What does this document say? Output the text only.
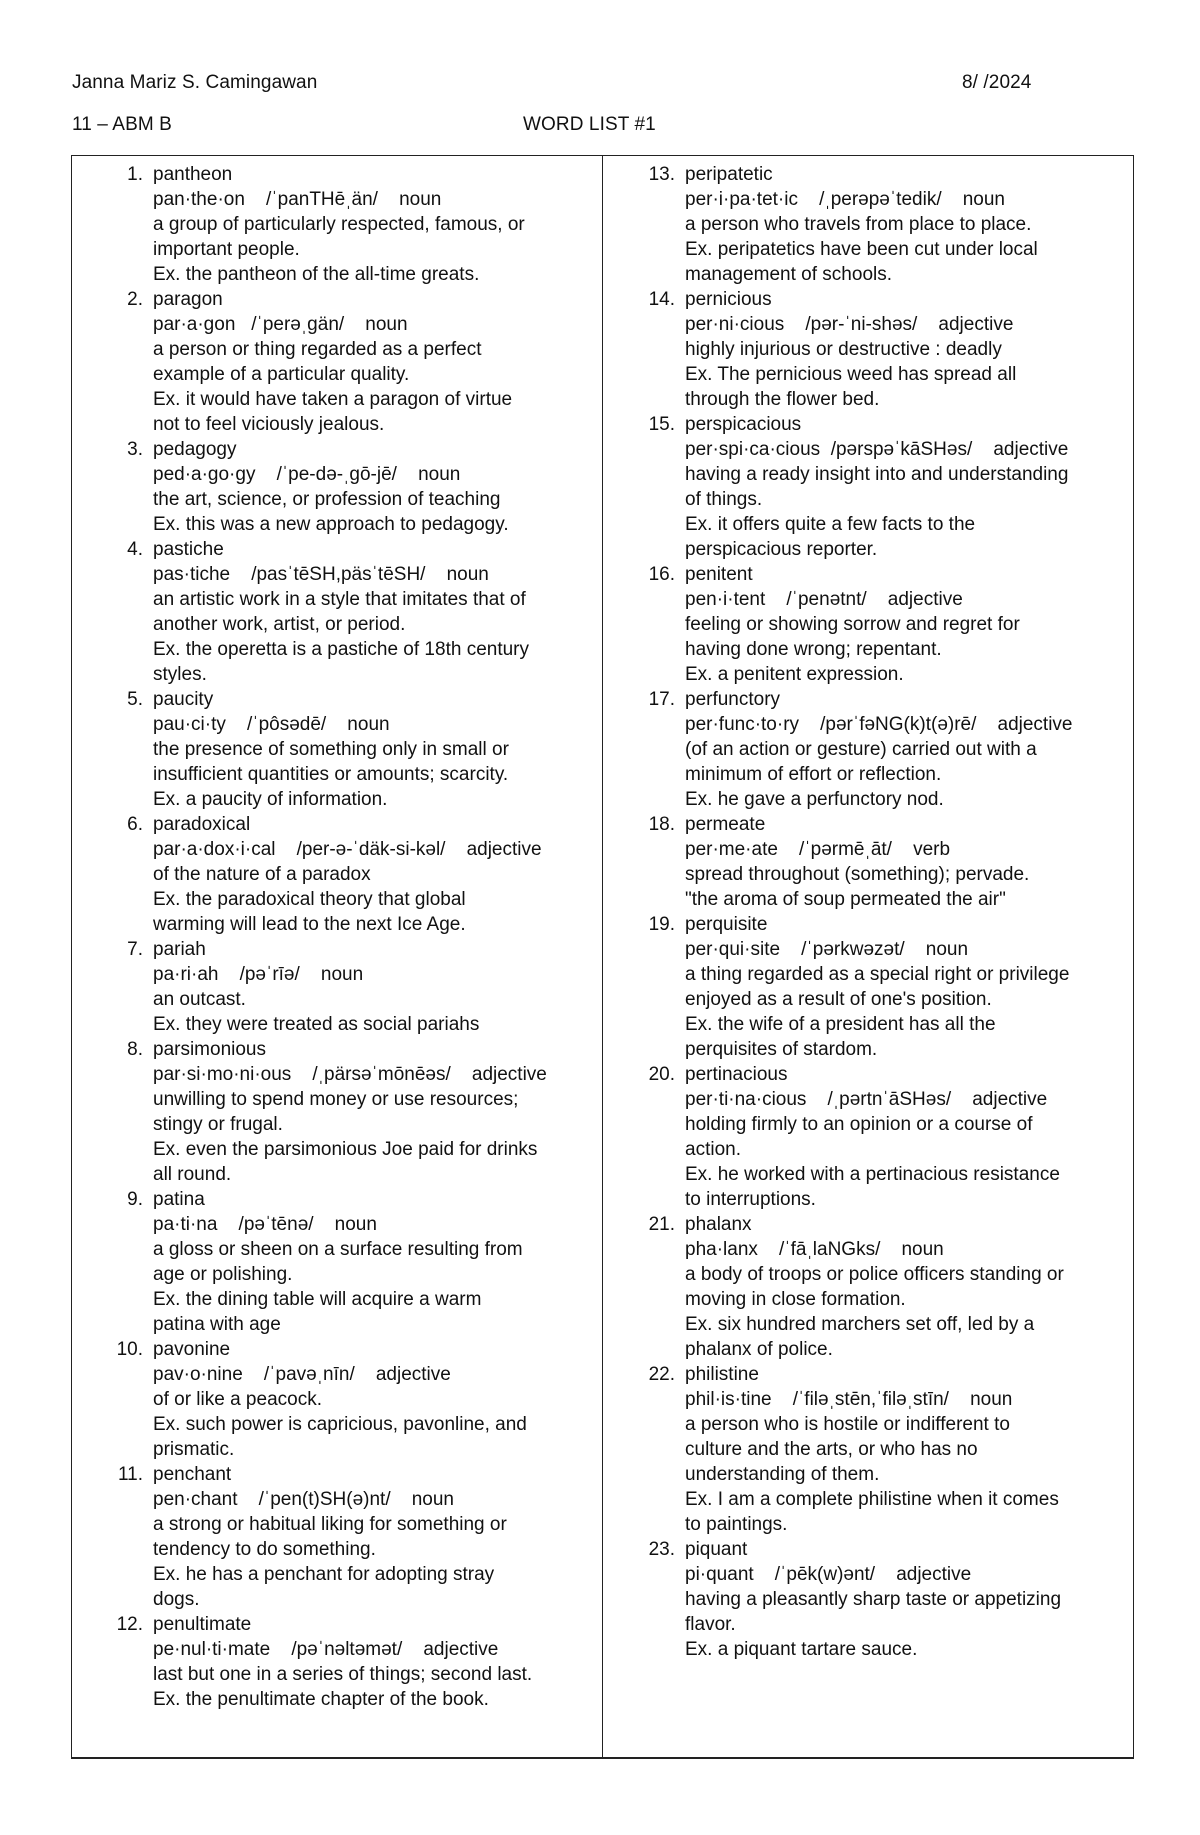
Janna Mariz S. Camingawan	8/ /2024
11 – ABM B	WORD LIST #1
1. pantheon
pan·the·on    /ˈpanTHēˌän/    noun
a group of particularly respected, famous, or
important people.
Ex. the pantheon of the all-time greats.
2. paragon
par·a·gon   /ˈperəˌgän/    noun
a person or thing regarded as a perfect
example of a particular quality.
Ex. it would have taken a paragon of virtue
not to feel viciously jealous.
3. pedagogy
ped·a·go·gy    /ˈpe-də-ˌgō-jē/    noun
the art, science, or profession of teaching
Ex. this was a new approach to pedagogy.
4. pastiche
pas·tiche    /pasˈtēSH,päsˈtēSH/    noun
an artistic work in a style that imitates that of
another work, artist, or period.
Ex. the operetta is a pastiche of 18th century
styles.
5. paucity
pau·ci·ty    /ˈpôsədē/    noun
the presence of something only in small or
insufficient quantities or amounts; scarcity.
Ex. a paucity of information.
6. paradoxical
par·a·dox·i·cal    /per-ə-ˈdäk-si-kəl/    adjective
of the nature of a paradox
Ex. the paradoxical theory that global
warming will lead to the next Ice Age.
7. pariah
pa·ri·ah    /pəˈrīə/    noun
an outcast.
Ex. they were treated as social pariahs
8. parsimonious
par·si·mo·ni·ous    /ˌpärsəˈmōnēəs/    adjective
unwilling to spend money or use resources;
stingy or frugal.
Ex. even the parsimonious Joe paid for drinks
all round.
9. patina
pa·ti·na    /pəˈtēnə/    noun
a gloss or sheen on a surface resulting from
age or polishing.
Ex. the dining table will acquire a warm
patina with age
10. pavonine
pav·o·nine    /ˈpavəˌnīn/    adjective
of or like a peacock.
Ex. such power is capricious, pavonline, and
prismatic.
11. penchant
pen·chant    /ˈpen(t)SH(ə)nt/    noun
a strong or habitual liking for something or
tendency to do something.
Ex. he has a penchant for adopting stray
dogs.
12. penultimate
pe·nul·ti·mate    /pəˈnəltəmət/    adjective
last but one in a series of things; second last.
Ex. the penultimate chapter of the book.
13. peripatetic
per·i·pa·tet·ic    /ˌperəpəˈtedik/    noun
a person who travels from place to place.
Ex. peripatetics have been cut under local
management of schools.
14. pernicious
per·ni·cious    /pər-ˈni-shəs/    adjective
highly injurious or destructive : deadly
Ex. The pernicious weed has spread all
through the flower bed.
15. perspicacious
per·spi·ca·cious  /pərspəˈkāSHəs/    adjective
having a ready insight into and understanding
of things.
Ex. it offers quite a few facts to the
perspicacious reporter.
16. penitent
pen·i·tent    /ˈpenətnt/    adjective
feeling or showing sorrow and regret for
having done wrong; repentant.
Ex. a penitent expression.
17. perfunctory
per·func·to·ry    /pərˈfəNG(k)t(ə)rē/    adjective
(of an action or gesture) carried out with a
minimum of effort or reflection.
Ex. he gave a perfunctory nod.
18. permeate
per·me·ate    /ˈpərmēˌāt/    verb
spread throughout (something); pervade.
"the aroma of soup permeated the air"
19. perquisite
per·qui·site    /ˈpərkwəzət/    noun
a thing regarded as a special right or privilege
enjoyed as a result of one's position.
Ex. the wife of a president has all the
perquisites of stardom.
20. pertinacious
per·ti·na·cious    /ˌpərtnˈāSHəs/    adjective
holding firmly to an opinion or a course of
action.
Ex. he worked with a pertinacious resistance
to interruptions.
21. phalanx
pha·lanx    /ˈfāˌlaNGks/    noun
a body of troops or police officers standing or
moving in close formation.
Ex. six hundred marchers set off, led by a
phalanx of police.
22. philistine
phil·is·tine    /ˈfiləˌstēn,ˈfiləˌstīn/    noun
a person who is hostile or indifferent to
culture and the arts, or who has no
understanding of them.
Ex. I am a complete philistine when it comes
to paintings.
23. piquant
pi·quant    /ˈpēk(w)ənt/    adjective
having a pleasantly sharp taste or appetizing
flavor.
Ex. a piquant tartare sauce.
